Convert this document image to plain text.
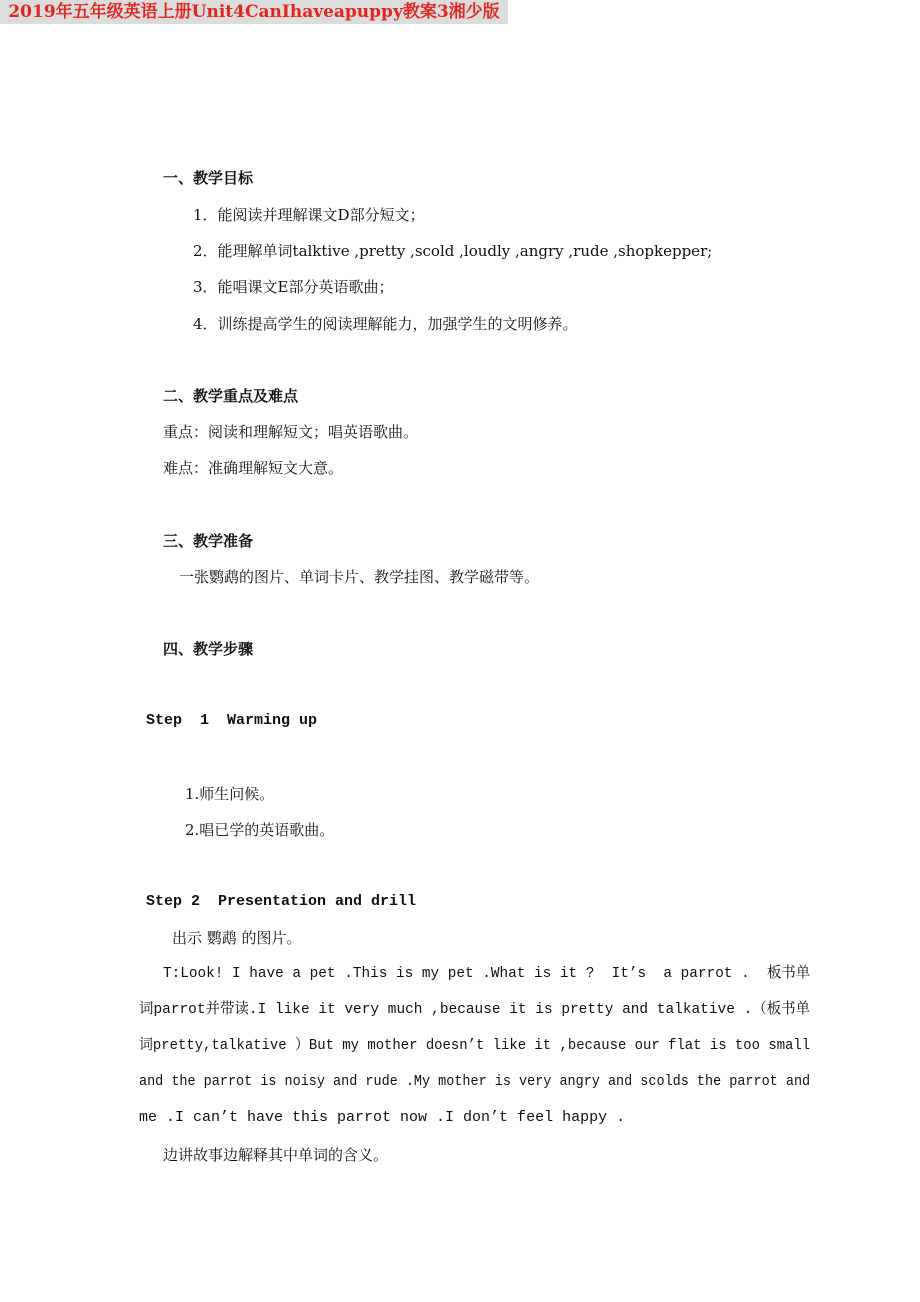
2019年五年级英语上册Unit4CanIhaveapuppy教案3湘少版
一、教学目标
1．能阅读并理解课文D部分短文；
2．能理解单词talktive ,pretty ,scold ,loudly ,angry ,rude ,shopkepper;
3．能唱课文E部分英语歌曲；
4．训练提高学生的阅读理解能力，加强学生的文明修养。
二、教学重点及难点
重点：阅读和理解短文；唱英语歌曲。
难点：准确理解短文大意。
三、教学准备
一张鹦鹉的图片、单词卡片、教学挂图、教学磁带等。
四、教学步骤
Step  1  Warming up
1.师生问候。
2.唱已学的英语歌曲。
Step 2  Presentation and drill
出示 鹦鹉 的图片。
T:Look! I have a pet .This is my pet .What is it ?  It’s  a parrot .  板书单
词parrot并带读.I like it very much ,because it is pretty and talkative .（板书单
词pretty,talkative ）But my mother doesn’t like it ,because our flat is too small
and the parrot is noisy and rude .My mother is very angry and scolds the parrot and
me .I can’t have this parrot now .I don’t feel happy .
边讲故事边解释其中单词的含义。
